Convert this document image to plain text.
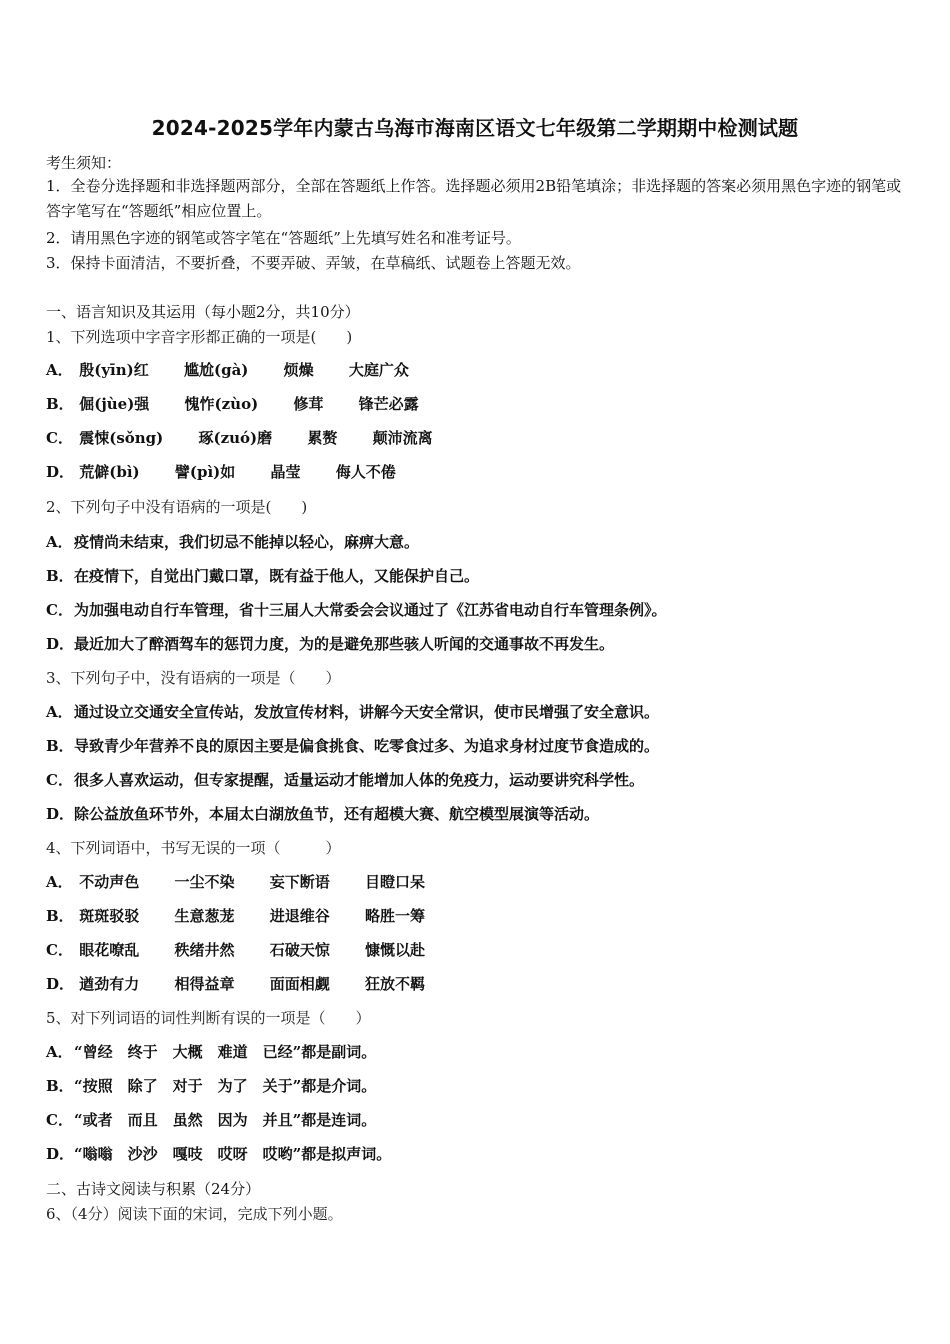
2024-2025学年内蒙古乌海市海南区语文七年级第二学期期中检测试题
考生须知：
1．全卷分选择题和非选择题两部分，全部在答题纸上作答。选择题必须用2B铅笔填涂；非选择题的答案必须用黑色字迹的钢笔或答字笔写在“答题纸”相应位置上。
2．请用黑色字迹的钢笔或答字笔在“答题纸”上先填写姓名和准考证号。
3．保持卡面清洁，不要折叠，不要弄破、弄皱，在草稿纸、试题卷上答题无效。
一、语言知识及其运用（每小题2分，共10分）
1、下列选项中字音字形都正确的一项是(　　)
A． 殷(yīn)红 尴尬(gà) 烦燥 大庭广众
B． 倔(jùe)强 愧怍(zùo) 修茸 锋芒必露
C． 震悚(sǒng) 琢(zuó)磨 累赘 颠沛流离
D． 荒僻(bì) 譬(pì)如 晶莹 侮人不倦
2、下列句子中没有语病的一项是(　　)
A．疫情尚未结束，我们切忌不能掉以轻心，麻痹大意。
B．在疫情下，自觉出门戴口罩，既有益于他人，又能保护自己。
C．为加强电动自行车管理，省十三届人大常委会会议通过了《江苏省电动自行车管理条例》。
D．最近加大了醉酒驾车的惩罚力度，为的是避免那些骇人听闻的交通事故不再发生。
3、下列句子中，没有语病的一项是（　　）
A．通过设立交通安全宣传站，发放宣传材料，讲解今天安全常识，使市民增强了安全意识。
B．导致青少年营养不良的原因主要是偏食挑食、吃零食过多、为追求身材过度节食造成的。
C．很多人喜欢运动，但专家提醒，适量运动才能增加人体的免疫力，运动要讲究科学性。
D．除公益放鱼环节外，本届太白湖放鱼节，还有超模大赛、航空模型展演等活动。
4、下列词语中，书写无误的一项（　　　）
A． 不动声色 一尘不染 妄下断语 目瞪口呆
B． 斑斑驳驳 生意葱茏 进退维谷 略胜一筹
C． 眼花嘹乱 秩绪井然 石破天惊 慷慨以赴
D． 遒劲有力 相得益章 面面相觑 狂放不羁
5、对下列词语的词性判断有误的一项是（　　）
A．“曾经　终于　大概　难道　已经”都是副词。
B．“按照　除了　对于　为了　关于”都是介词。
C．“或者　而且　虽然　因为　并且”都是连词。
D．“嗡嗡　沙沙　嘎吱　哎呀　哎哟”都是拟声词。
二、古诗文阅读与积累（24分）
6、（4分）阅读下面的宋词，完成下列小题。
